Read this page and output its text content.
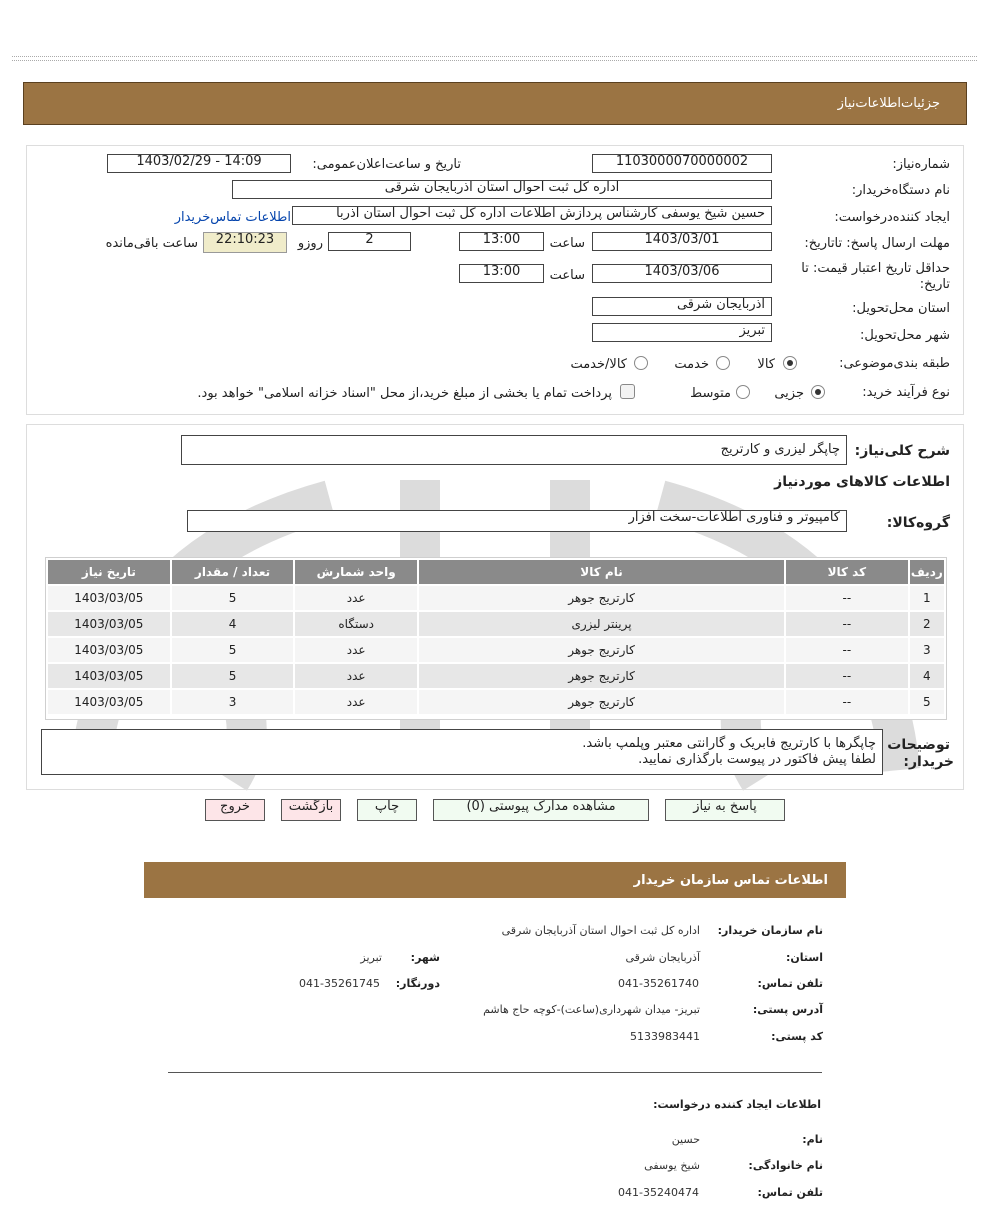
جزئیات‌اطلاعات‌نیاز
شماره‌نیاز:
1103000070000002
تاریخ و ساعت‌اعلان‌عمومی:
1403/02/29 - 14:09
نام دستگاه‌خریدار:
اداره کل ثبت احوال استان آذربایجان شرقی
ایجاد کننده‌درخواست:
حسین شیخ یوسفی کارشناس پردازش اطلاعات اداره کل ثبت احوال استان آذربا
اطلاعات تماس‌خریدار
مهلت ارسال پاسخ: تاتاریخ:
1403/03/01
ساعت
13:00
2
روزو
22:10:23
ساعت باقی‌مانده
حداقل تاریخ اعتبار قیمت: تا
تاریخ:
1403/03/06
ساعت
13:00
استان محل‌تحویل:
آذربایجان شرقی
شهر محل‌تحویل:
تبریز
طبقه بندی‌موضوعی:
کالا
خدمت
کالا/خدمت
نوع فرآیند خرید:
جزیی
متوسط
پرداخت تمام یا بخشی از مبلغ خرید،از محل "اسناد خزانه اسلامی" خواهد بود.
شرح کلی‌نیاز:
چاپگر لیزری و کارتریج
اطلاعات کالاهای موردنیاز
گروه‌کالا:
کامپیوتر و فناوری اطلاعات-سخت افزار
ردیف	کد کالا	نام کالا	واحد شمارش	تعداد / مقدار	تاریخ نیاز
1	--	کارتریج جوهر	عدد	5	1403/03/05
2	--	پرینتر لیزری	دستگاه	4	1403/03/05
3	--	کارتریج جوهر	عدد	5	1403/03/05
4	--	کارتریج جوهر	عدد	5	1403/03/05
5	--	کارتریج جوهر	عدد	3	1403/03/05
توضیحات
خریدار:
چاپگرها با کارتریج فابریک و گارانتی معتبر وپلمپ باشد.
لطفا پیش فاکتور در پیوست بارگذاری نمایید.
پاسخ به نیاز
مشاهده مدارک پیوستی (0)
چاپ
بازگشت
خروج
اطلاعات تماس سازمان خریدار
نام سازمان خریدار:
اداره کل ثبت احوال استان آذربایجان شرقی
استان:
آذربایجان شرقی
شهر:
تبریز
تلفن تماس:
041-35261740
دورنگار:
041-35261745
آدرس پستی:
تبریز- میدان شهرداری(ساعت)-کوچه حاج هاشم
کد پستی:
5133983441
اطلاعات ایجاد کننده درخواست:
نام:
حسین
نام خانوادگی:
شیخ یوسفی
تلفن تماس:
041-35240474
